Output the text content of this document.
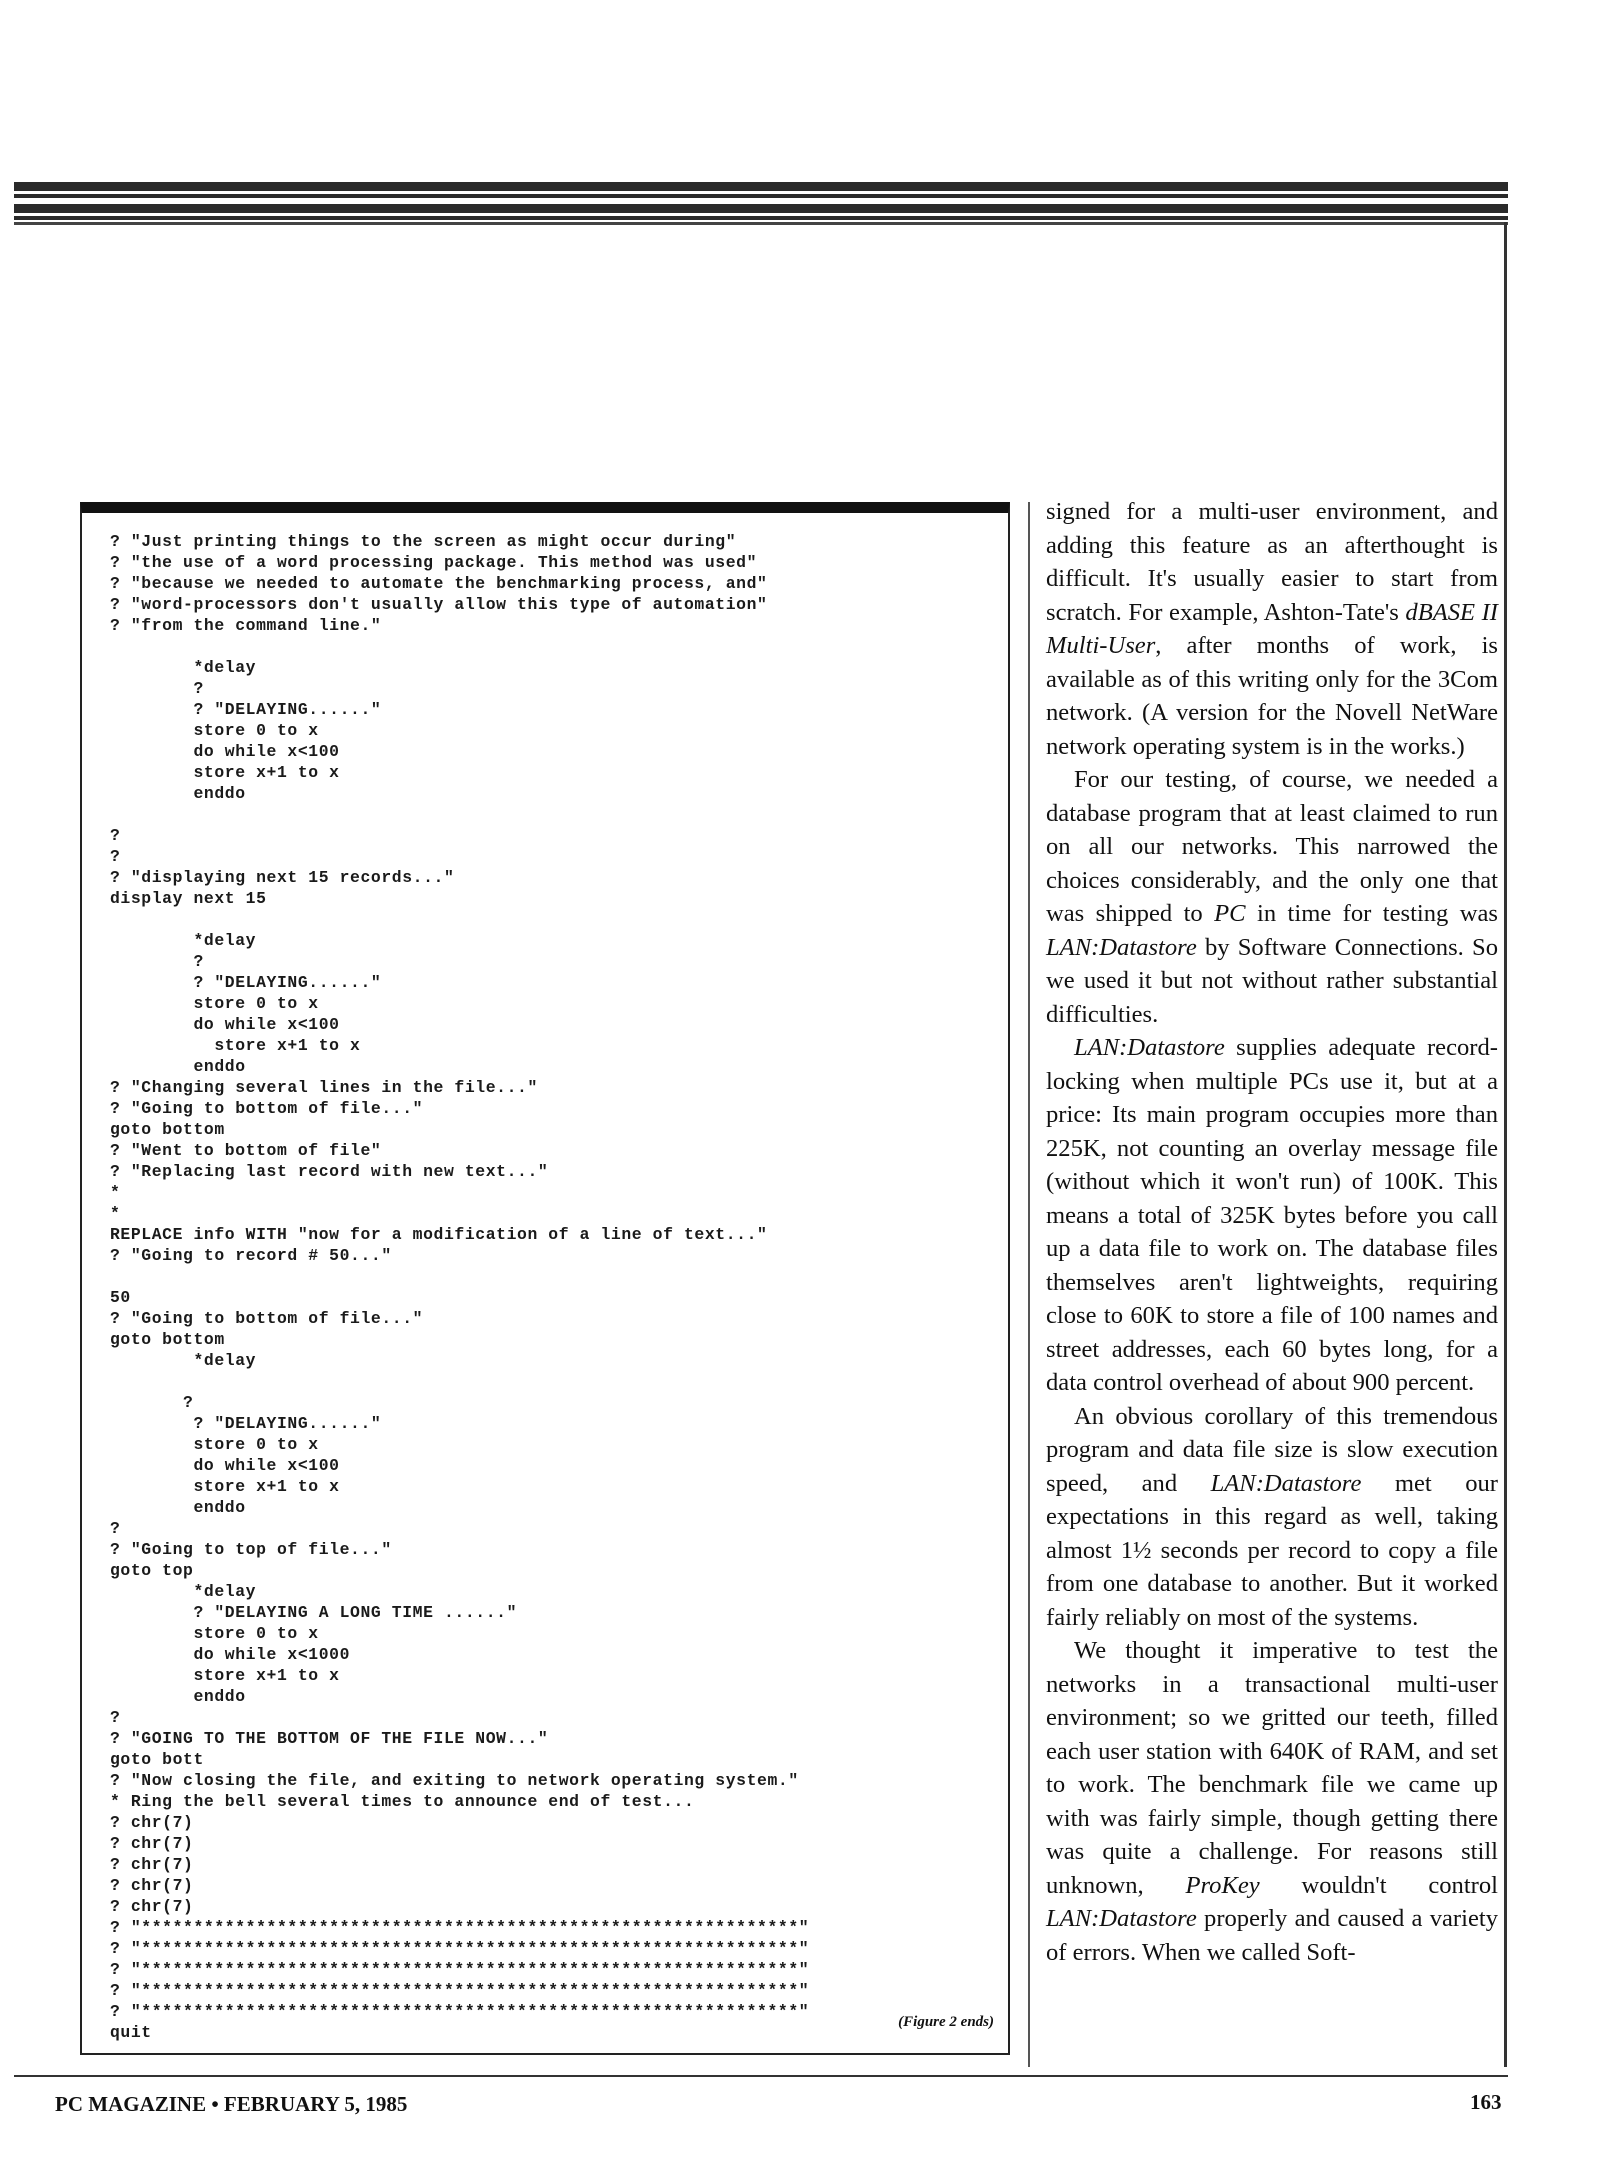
? "Just printing things to the screen as might occur during"
? "the use of a word processing package. This method was used"
? "because we needed to automate the benchmarking process, and"
? "word-processors don't usually allow this type of automation"
? "from the command line."

*delay
?
? "DELAYING......"
store 0 to x
do while x<100
store x+1 to x
enddo

?
?
? "displaying next 15 records..."
display next 15

*delay
?
? "DELAYING......"
store 0 to x
do while x<100
store x+1 to x
enddo
? "Changing several lines in the file..."
? "Going to bottom of file..."
goto bottom
? "Went to bottom of file"
? "Replacing last record with new text..."
*
*
REPLACE info WITH "now for a modification of a line of text..."
? "Going to record # 50..."

50
? "Going to bottom of file..."
goto bottom
*delay

?
? "DELAYING......"
store 0 to x
do while x<100
store x+1 to x
enddo
?
? "Going to top of file..."
goto top
*delay
? "DELAYING A LONG TIME ......"
store 0 to x
do while x<1000
store x+1 to x
enddo
?
? "GOING TO THE BOTTOM OF THE FILE NOW..."
goto bott
? "Now closing the file, and exiting to network operating system."
* Ring the bell several times to announce end of test...
? chr(7)
? chr(7)
? chr(7)
? chr(7)
? chr(7)
? "***************************************************************"
? "***************************************************************"
? "***************************************************************"
? "***************************************************************"
? "***************************************************************"
quit
(Figure 2 ends)

signed for a multi-user environment, and adding this feature as an afterthought is difficult. It's usually easier to start from scratch. For example, Ashton-Tate's dBASE II Multi-User, after months of work, is available as of this writing only for the 3Com network. (A version for the Novell NetWare network operating system is in the works.)

For our testing, of course, we needed a database program that at least claimed to run on all our networks. This narrowed the choices considerably, and the only one that was shipped to PC in time for testing was LAN:Datastore by Software Connections. So we used it but not without rather substantial difficulties.

LAN:Datastore supplies adequate record-locking when multiple PCs use it, but at a price: Its main program occupies more than 225K, not counting an overlay message file (without which it won't run) of 100K. This means a total of 325K bytes before you call up a data file to work on. The database files themselves aren't lightweights, requiring close to 60K to store a file of 100 names and street addresses, each 60 bytes long, for a data control overhead of about 900 percent.

An obvious corollary of this tremendous program and data file size is slow execution speed, and LAN:Datastore met our expectations in this regard as well, taking almost 1½ seconds per record to copy a file from one database to another. But it worked fairly reliably on most of the systems.

We thought it imperative to test the networks in a transactional multi-user environment; so we gritted our teeth, filled each user station with 640K of RAM, and set to work. The benchmark file we came up with was fairly simple, though getting there was quite a challenge. For reasons still unknown, ProKey wouldn't control LAN:Datastore properly and caused a variety of errors. When we called Soft-

PC MAGAZINE • FEBRUARY 5, 1985	163
